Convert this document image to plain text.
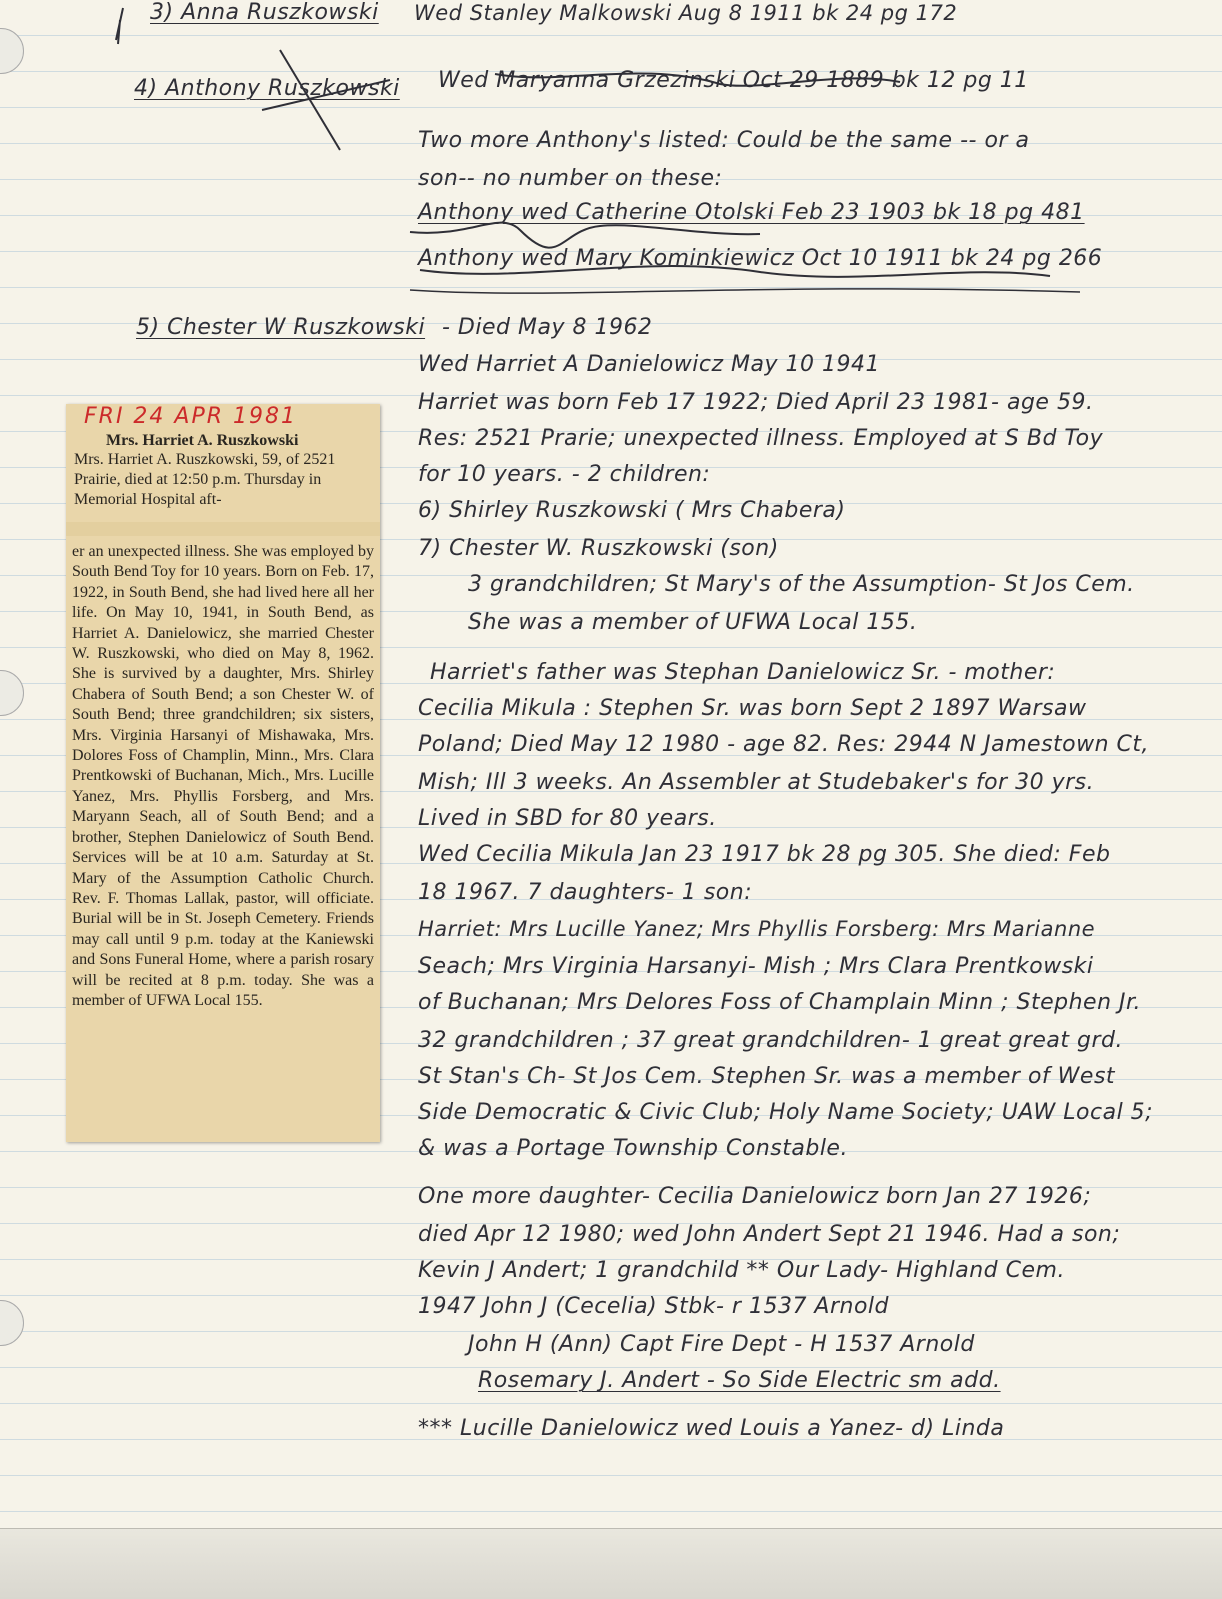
3) Anna Ruszkowski Wed Stanley Malkowski Aug 8 1911 bk 24 pg 172
4) Anthony Ruszkowski Wed Maryanna Grzezinski Oct 29 1889 bk 12 pg 11
Two more Anthony's listed: Could be the same -- or a
son-- no number on these:
Anthony wed Catherine Otolski Feb 23 1903 bk 18 pg 481
Anthony wed Mary Kominkiewicz Oct 10 1911 bk 24 pg 266
5) Chester W Ruszkowski - Died May 8 1962
Wed Harriet A Danielowicz May 10 1941
Harriet was born Feb 17 1922; Died April 23 1981- age 59.
Res: 2521 Prarie; unexpected illness. Employed at S Bd Toy
for 10 years. - 2 children:
6) Shirley Ruszkowski ( Mrs Chabera)
7) Chester W. Ruszkowski (son)
3 grandchildren; St Mary's of the Assumption- St Jos Cem.
She was a member of UFWA Local 155.
Harriet's father was Stephan Danielowicz Sr. - mother:
Cecilia Mikula : Stephen Sr. was born Sept 2 1897 Warsaw
Poland; Died May 12 1980 - age 82. Res: 2944 N Jamestown Ct,
Mish; Ill 3 weeks. An Assembler at Studebaker's for 30 yrs.
Lived in SBD for 80 years.
Wed Cecilia Mikula Jan 23 1917 bk 28 pg 305. She died: Feb
18 1967. 7 daughters- 1 son:
Harriet: Mrs Lucille Yanez; Mrs Phyllis Forsberg: Mrs Marianne
Seach; Mrs Virginia Harsanyi- Mish ; Mrs Clara Prentkowski
of Buchanan; Mrs Delores Foss of Champlain Minn ; Stephen Jr.
32 grandchildren ; 37 great grandchildren- 1 great great grd.
St Stan's Ch- St Jos Cem. Stephen Sr. was a member of West
Side Democratic & Civic Club; Holy Name Society; UAW Local 5;
& was a Portage Township Constable.
One more daughter- Cecilia Danielowicz born Jan 27 1926;
died Apr 12 1980; wed John Andert Sept 21 1946. Had a son;
Kevin J Andert; 1 grandchild ** Our Lady- Highland Cem.
1947 John J (Cecelia) Stbk- r 1537 Arnold
John H (Ann) Capt Fire Dept - H 1537 Arnold
Rosemary J. Andert - So Side Electric sm add.
*** Lucille Danielowicz wed Louis a Yanez- d) Linda
FRI 24 APR 1981
Mrs. Harriet A. Ruszkowski
Mrs. Harriet A. Ruszkowski, 59, of 2521 Prairie, died at 12:50 p.m. Thursday in Memorial Hospital aft-
er an unexpected illness. She was employed by South Bend Toy for 10 years. Born on Feb. 17, 1922, in South Bend, she had lived here all her life. On May 10, 1941, in South Bend, as Harriet A. Danielowicz, she married Chester W. Ruszkowski, who died on May 8, 1962. She is survived by a daughter, Mrs. Shirley Chabera of South Bend; a son Chester W. of South Bend; three grandchildren; six sisters, Mrs. Virginia Harsanyi of Mishawaka, Mrs. Dolores Foss of Champlin, Minn., Mrs. Clara Prentkowski of Buchanan, Mich., Mrs. Lucille Yanez, Mrs. Phyllis Forsberg, and Mrs. Maryann Seach, all of South Bend; and a brother, Stephen Danielowicz of South Bend. Services will be at 10 a.m. Saturday at St. Mary of the Assumption Catholic Church. Rev. F. Thomas Lallak, pastor, will officiate. Burial will be in St. Joseph Cemetery. Friends may call until 9 p.m. today at the Kaniewski and Sons Funeral Home, where a parish rosary will be recited at 8 p.m. today. She was a member of UFWA Local 155.
